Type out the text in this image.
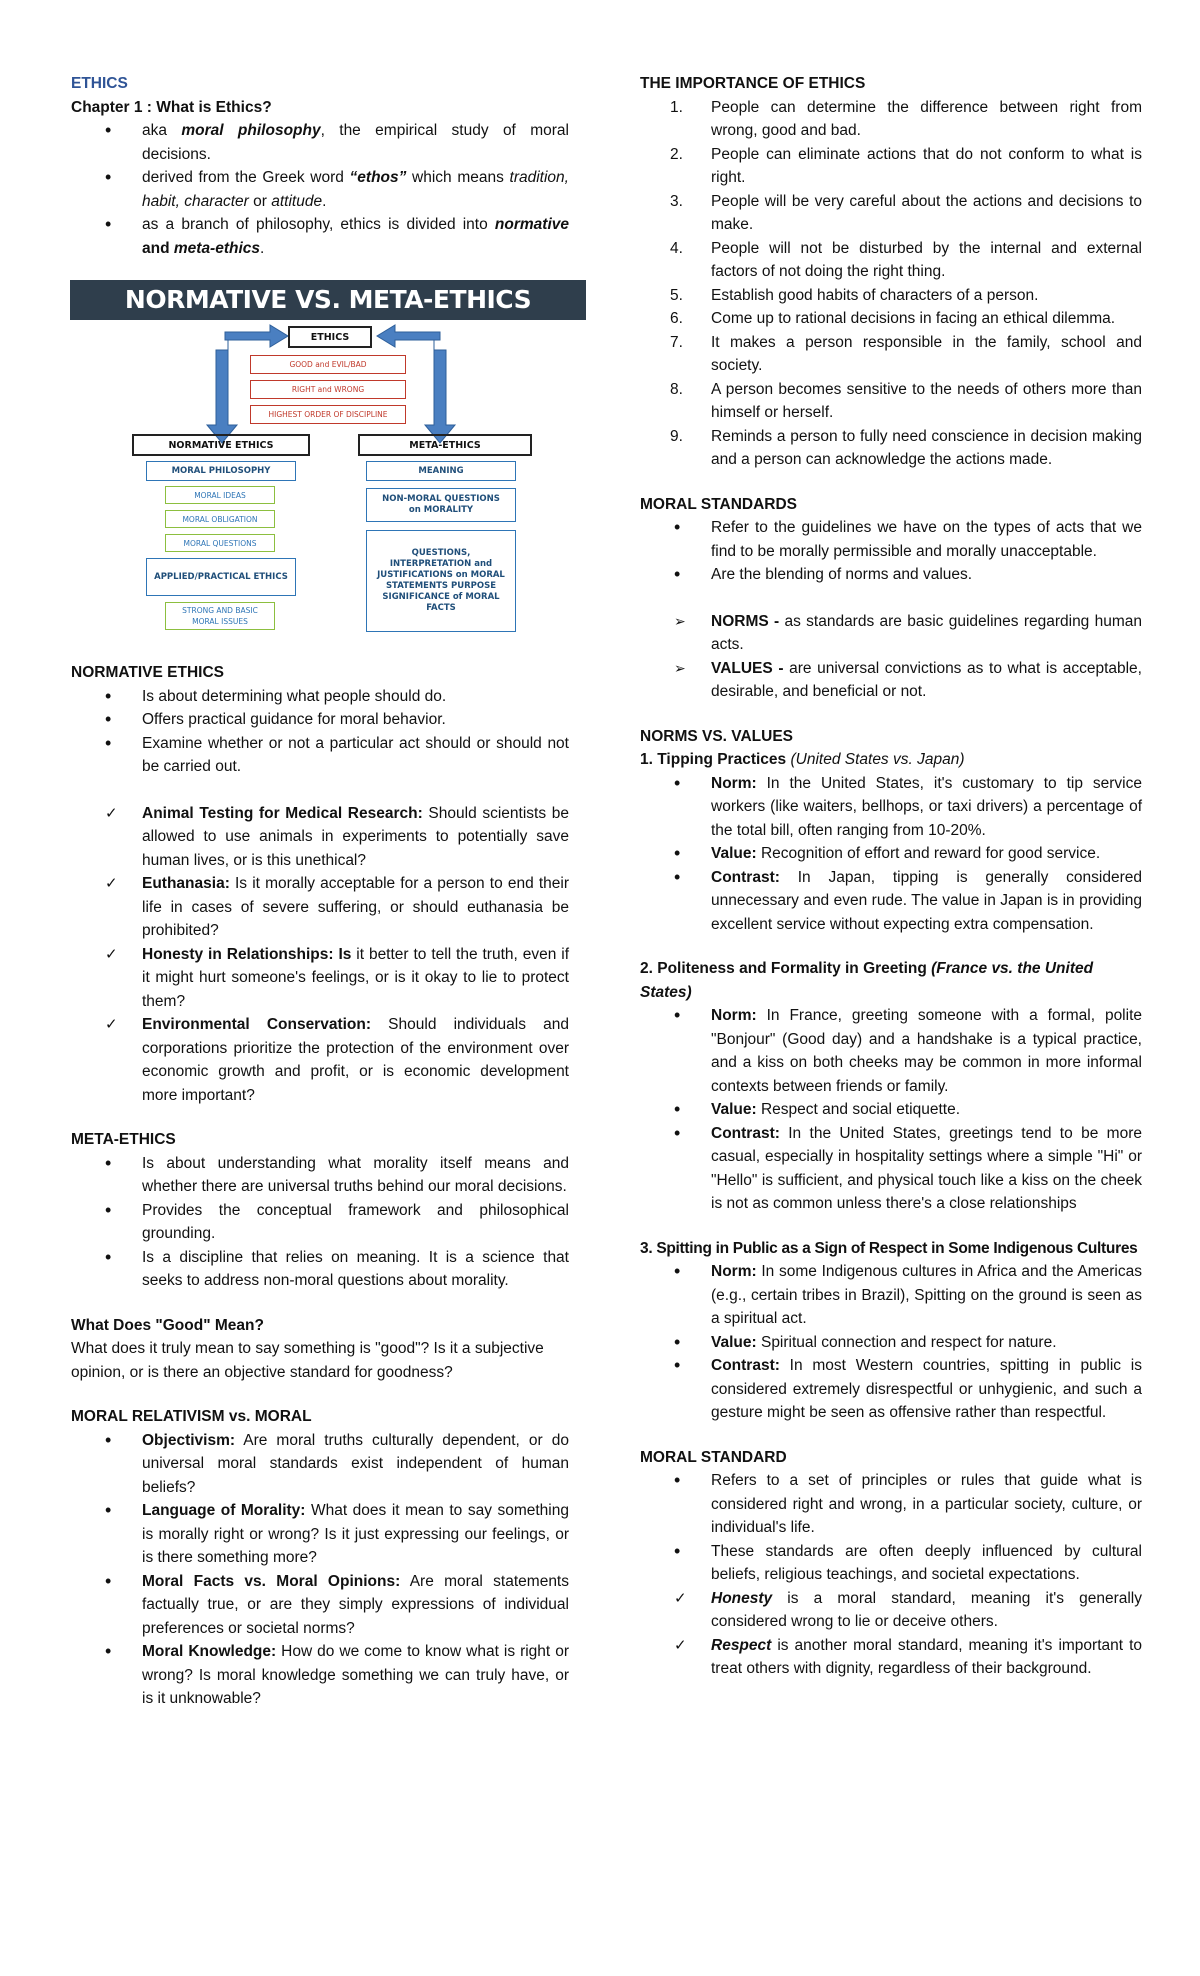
ETHICS
Chapter 1 : What is Ethics?
•
aka moral philosophy, the empirical study of moral decisions.
•
derived from the Greek word “ethos” which means tradition, habit, character or attitude.
•
as a branch of philosophy, ethics is divided into normative and meta-ethics.
NORMATIVE VS. META-ETHICS
ETHICS
GOOD and EVIL/BAD
RIGHT and WRONG
HIGHEST ORDER OF DISCIPLINE
NORMATIVE ETHICS	META-ETHICS
MORAL PHILOSOPHY
MORAL IDEAS
MORAL OBLIGATION
MORAL QUESTIONS
APPLIED/PRACTICAL ETHICS
STRONG AND BASIC MORAL ISSUES
MEANING
NON-MORAL QUESTIONS on MORALITY
QUESTIONS, INTERPRETATION and JUSTIFICATIONS on MORAL STATEMENTS PURPOSE SIGNIFICANCE of MORAL FACTS
NORMATIVE ETHICS
•
Is about determining what people should do.
•
Offers practical guidance for moral behavior.
•
Examine whether or not a particular act should or should not be carried out.
✓
Animal Testing for Medical Research: Should scientists be allowed to use animals in experiments to potentially save human lives, or is this unethical?
✓
Euthanasia: Is it morally acceptable for a person to end their life in cases of severe suffering, or should euthanasia be prohibited?
✓
Honesty in Relationships: Is it better to tell the truth, even if it might hurt someone's feelings, or is it okay to lie to protect them?
✓
Environmental Conservation: Should individuals and corporations prioritize the protection of the environment over economic growth and profit, or is economic development more important?
META-ETHICS
•
Is about understanding what morality itself means and whether there are universal truths behind our moral decisions.
•
Provides the conceptual framework and philosophical grounding.
•
Is a discipline that relies on meaning. It is a science that seeks to address non-moral questions about morality.
What Does "Good" Mean?

What does it truly mean to say something is "good"? Is it a subjective opinion, or is there an objective standard for goodness?

MORAL RELATIVISM vs. MORAL
•
Objectivism: Are moral truths culturally dependent, or do universal moral standards exist independent of human beliefs?
•
Language of Morality: What does it mean to say something is morally right or wrong? Is it just expressing our feelings, or is there something more?
•
Moral Facts vs. Moral Opinions: Are moral statements factually true, or are they simply expressions of individual preferences or societal norms?
•
Moral Knowledge: How do we come to know what is right or wrong? Is moral knowledge something we can truly have, or is it unknowable?
THE IMPORTANCE OF ETHICS
1.	People can determine the difference between right from wrong, good and bad.
2.	People can eliminate actions that do not conform to what is right.
3.	People will be very careful about the actions and decisions to make.
4.	People will not be disturbed by the internal and external factors of not doing the right thing.
5.	Establish good habits of characters of a person.
6.	Come up to rational decisions in facing an ethical dilemma.
7.	It makes a person responsible in the family, school and society.
8.	A person becomes sensitive to the needs of others more than himself or herself.
9.	Reminds a person to fully need conscience in decision making and a person can acknowledge the actions made.
MORAL STANDARDS
•
Refer to the guidelines we have on the types of acts that we find to be morally permissible and morally unacceptable.
•
Are the blending of norms and values.
➢
NORMS - as standards are basic guidelines regarding human acts.
➢
VALUES - are universal convictions as to what is acceptable, desirable, and beneficial or not.
NORMS VS. VALUES
1. Tipping Practices (United States vs. Japan)
•
Norm: In the United States, it's customary to tip service workers (like waiters, bellhops, or taxi drivers) a percentage of the total bill, often ranging from 10-20%.
•
Value: Recognition of effort and reward for good service.
•
Contrast: In Japan, tipping is generally considered unnecessary and even rude. The value in Japan is in providing excellent service without expecting extra compensation.
2. Politeness and Formality in Greeting (France vs. the United States)
•
Norm: In France, greeting someone with a formal, polite "Bonjour" (Good day) and a handshake is a typical practice, and a kiss on both cheeks may be common in more informal contexts between friends or family.
•
Value: Respect and social etiquette.
•
Contrast: In the United States, greetings tend to be more casual, especially in hospitality settings where a simple "Hi" or "Hello" is sufficient, and physical touch like a kiss on the cheek is not as common unless there's a close relationships
3. Spitting in Public as a Sign of Respect in Some Indigenous Cultures
•
Norm: In some Indigenous cultures in Africa and the Americas (e.g., certain tribes in Brazil), Spitting on the ground is seen as a spiritual act.
•
Value: Spiritual connection and respect for nature.
•
Contrast: In most Western countries, spitting in public is considered extremely disrespectful or unhygienic, and such a gesture might be seen as offensive rather than respectful.
MORAL STANDARD
•
Refers to a set of principles or rules that guide what is considered right and wrong, in a particular society, culture, or individual's life.
•
These standards are often deeply influenced by cultural beliefs, religious teachings, and societal expectations.
✓
Honesty is a moral standard, meaning it's generally considered wrong to lie or deceive others.
✓
Respect is another moral standard, meaning it's important to treat others with dignity, regardless of their background.
